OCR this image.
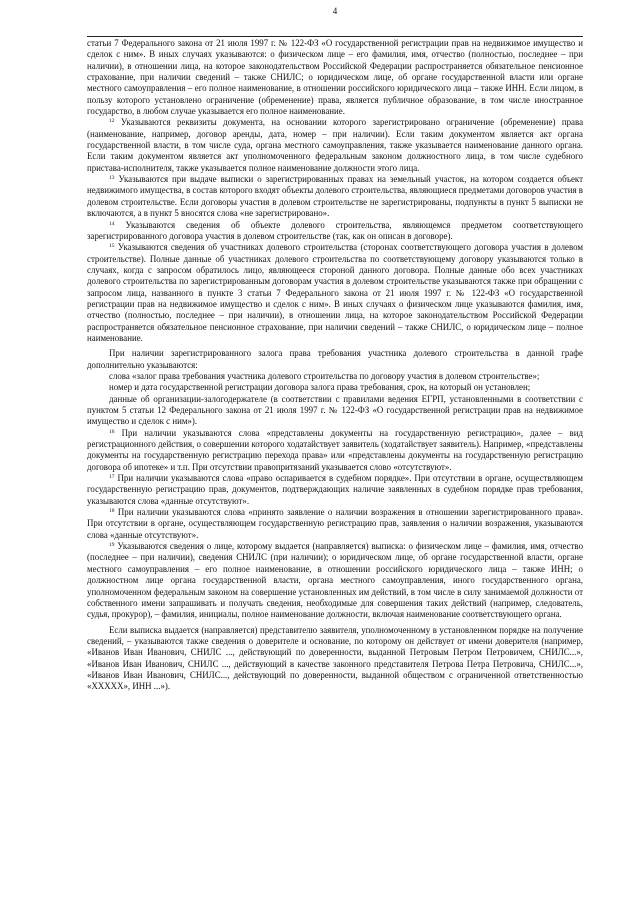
4

статьи 7 Федерального закона от 21 июля 1997 г. № 122-ФЗ «О государственной регистрации прав на недвижимое имущество и сделок с ним». В иных случаях указываются: о физическом лице – его фамилия, имя, отчество (полностью, последнее – при наличии), в отношении лица, на которое законодательством Российской Федерации распространяется обязательное пенсионное страхование, при наличии сведений – также СНИЛС; о юридическом лице, об органе государственной власти или органе местного самоуправления – его полное наименование, в отношении российского юридического лица – также ИНН. Если лицом, в пользу которого установлено ограничение (обременение) права, является публичное образование, в том числе иностранное государство, в любом случае указывается его полное наименование.

$^{12}$ Указываются реквизиты документа, на основании которого зарегистрировано ограничение (обременение) права (наименование, например, договор аренды, дата, номер – при наличии). Если таким документом является акт органа государственной власти, в том числе суда, органа местного самоуправления, также указывается наименование данного органа. Если таким документом является акт уполномоченного федеральным законом должностного лица, в том числе судебного пристава-исполнителя, также указывается полное наименование должности этого лица.

$^{13}$ Указываются при выдаче выписки о зарегистрированных правах на земельный участок, на котором создается объект недвижимого имущества, в состав которого входят объекты долевого строительства, являющиеся предметами договоров участия в долевом строительстве. Если договоры участия в долевом строительстве не зарегистрированы, подпункты в пункт 5 выписки не включаются, а в пункт 5 вносятся слова «не зарегистрировано».

$^{14}$ Указываются сведения об объекте долевого строительства, являющемся предметом соответствующего зарегистрированного договора участия в долевом строительстве (так, как он описан в договоре).

$^{15}$ Указываются сведения об участниках долевого строительства (сторонах соответствующего договора участия в долевом строительстве). Полные данные об участниках долевого строительства по соответствующему договору указываются только в случаях, когда с запросом обратилось лицо, являющееся стороной данного договора. Полные данные обо всех участниках долевого строительства по зарегистрированным договорам участия в долевом строительстве указываются также при обращении с запросом лица, названного в пункте 3 статьи 7 Федерального закона от 21 июля 1997 г. № 122-ФЗ «О государственной регистрации прав на недвижимое имущество и сделок с ним». В иных случаях о физическом лице указываются фамилия, имя, отчество (полностью, последнее – при наличии), в отношении лица, на которое законодательством Российской Федерации распространяется обязательное пенсионное страхование, при наличии сведений – также СНИЛС, о юридическом лице – полное наименование.

При наличии зарегистрированного залога права требования участника долевого строительства в данной графе дополнительно указываются:

слова «залог права требования участника долевого строительства по договору участия в долевом строительстве»;

номер и дата государственной регистрации договора залога права требования, срок, на который он установлен;

данные об организации-залогодержателе (в соответствии с правилами ведения ЕГРП, установленными в соответствии с пунктом 5 статьи 12 Федерального закона от 21 июля 1997 г. № 122-ФЗ «О государственной регистрации прав на недвижимое имущество и сделок с ним»).

$^{16}$ При наличии указываются слова «представлены документы на государственную регистрацию», далее – вид регистрационного действия, о совершении которого ходатайствует заявитель (ходатайствует заявитель). Например, «представлены документы на государственную регистрацию перехода права» или «представлены документы на государственную регистрацию договора об ипотеке» и т.п. При отсутствии правопритязаний указывается слово «отсутствуют».

$^{17}$ При наличии указываются слова «право оспаривается в судебном порядке». При отсутствии в органе, осуществляющем государственную регистрацию прав, документов, подтверждающих наличие заявленных в судебном порядке прав требования, указываются слова «данные отсутствуют».

$^{18}$ При наличии указываются слова «принято заявление о наличии возражения в отношении зарегистрированного права». При отсутствии в органе, осуществляющем государственную регистрацию прав, заявления о наличии возражения, указываются слова «данные отсутствуют».

$^{19}$ Указываются сведения о лице, которому выдается (направляется) выписка: о физическом лице – фамилия, имя, отчество (последнее – при наличии), сведения СНИЛС (при наличии); о юридическом лице, об органе государственной власти, органе местного самоуправления – его полное наименование, в отношении российского юридического лица – также ИНН; о должностном лице органа государственной власти, органа местного самоуправления, иного государственного органа, уполномоченном федеральным законом на совершение установленных им действий, в том числе в силу занимаемой должности от собственного имени запрашивать и получать сведения, необходимые для совершения таких действий (например, следователь, судья, прокурор), – фамилия, инициалы, полное наименование должности, включая наименование соответствующего органа.

Если выписка выдается (направляется) представителю заявителя, уполномоченному в установленном порядке на получение сведений, – указываются также сведения о доверителе и основание, по которому он действует от имени доверителя (например, «Иванов Иван Иванович, СНИЛС ..., действующий по доверенности, выданной Петровым Петром Петровичем, СНИЛС...», «Иванов Иван Иванович, СНИЛС ..., действующий в качестве законного представителя Петрова Петра Петровича, СНИЛС...», «Иванов Иван Иванович, СНИЛС..., действующий по доверенности, выданной обществом с ограниченной ответственностью «ХХХХХ», ИНН ...»).
